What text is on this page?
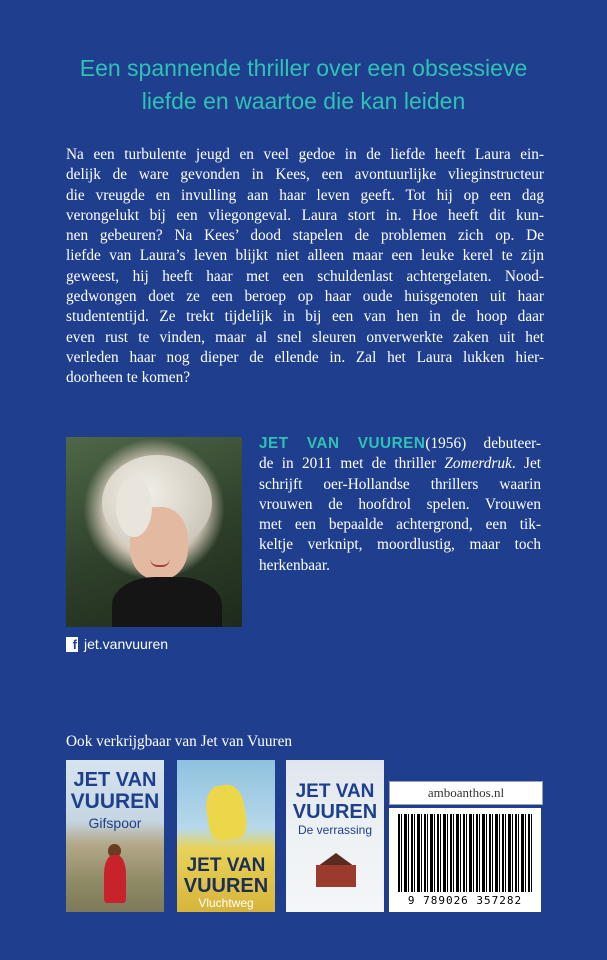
Een spannende thriller over een obsessieve
liefde en waartoe die kan leiden
Na een turbulente jeugd en veel gedoe in de liefde heeft Laura ein-
delijk de ware gevonden in Kees, een avontuurlijke vlieginstructeur
die vreugde en invulling aan haar leven geeft. Tot hij op een dag
verongelukt bij een vliegongeval. Laura stort in. Hoe heeft dit kun-
nen gebeuren? Na Kees’ dood stapelen de problemen zich op. De
liefde van Laura’s leven blijkt niet alleen maar een leuke kerel te zijn
geweest, hij heeft haar met een schuldenlast achtergelaten. Nood-
gedwongen doet ze een beroep op haar oude huisgenoten uit haar
studententijd. Ze trekt tijdelijk in bij een van hen in de hoop daar
even rust te vinden, maar al snel sleuren onverwerkte zaken uit het
verleden haar nog dieper de ellende in. Zal het Laura lukken hier-
doorheen te komen?
f jet.vanvuuren
JET VAN VUUREN(1956) debuteer-
de in 2011 met de thriller Zomerdruk. Jet
schrijft oer-Hollandse thrillers waarin
vrouwen de hoofdrol spelen. Vrouwen
met een bepaalde achtergrond, een tik-
keltje verknipt, moordlustig, maar toch
herkenbaar.
Ook verkrijgbaar van Jet van Vuuren
JET VAN
VUUREN
Gifspoor
JET VAN
VUUREN
Vluchtweg
JET VAN
VUUREN
De verrassing
amboanthos.nl
9 789026 357282
